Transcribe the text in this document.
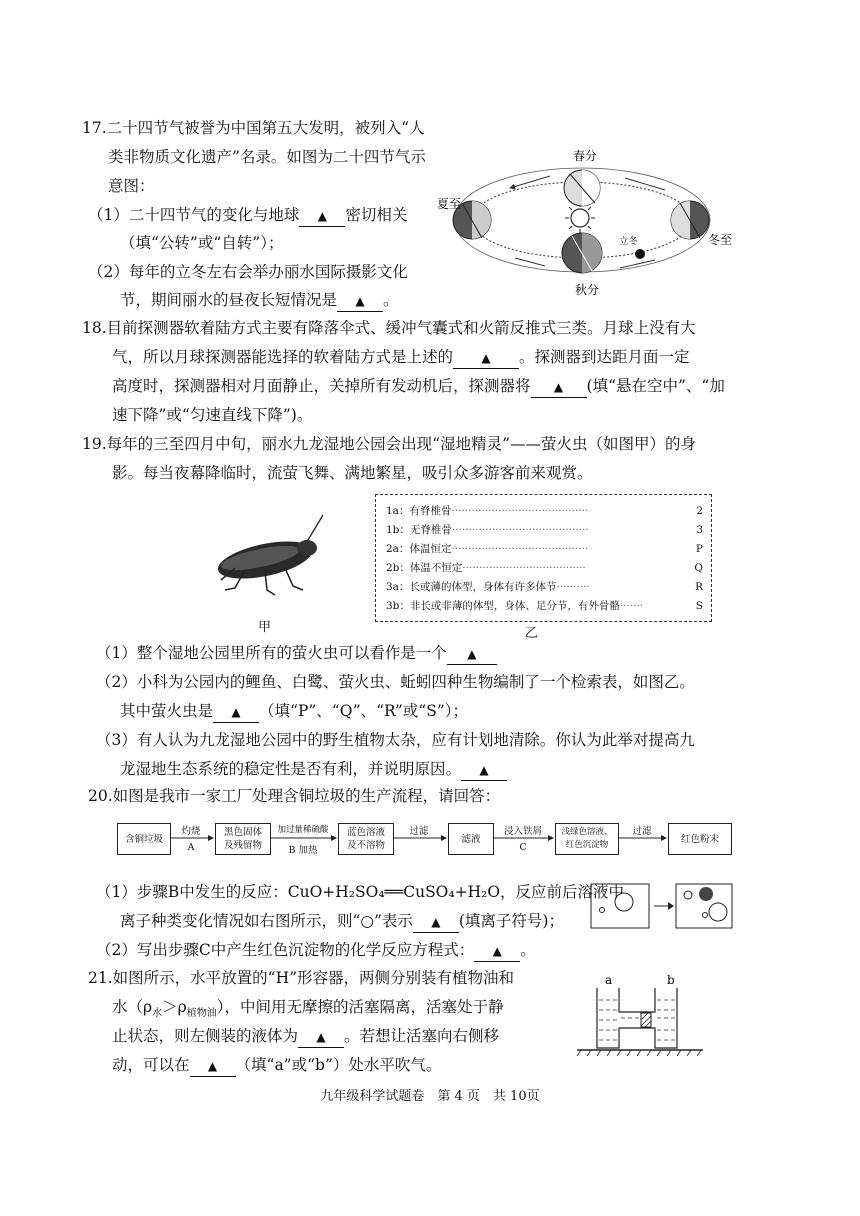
17.二十四节气被誉为中国第五大发明，被列入“人
类非物质文化遗产”名录。如图为二十四节气示
意图：
（1）二十四节气的变化与地球 ▲ 密切相关
（填“公转”或“自转”）；
（2）每年的立冬左右会举办丽水国际摄影文化
节，期间丽水的昼夜长短情况是 ▲ 。
春分
夏至
冬至
秋分
立冬
18.目前探测器软着陆方式主要有降落伞式、缓冲气囊式和火箭反推式三类。月球上没有大
气，所以月球探测器能选择的软着陆方式是上述的 ▲ 。探测器到达距月面一定
高度时，探测器相对月面静止，关掉所有发动机后，探测器将 ▲ (填“悬在空中”、“加
速下降”或“匀速直线下降”)。
19.每年的三至四月中旬，丽水九龙湿地公园会出现“湿地精灵”——萤火虫（如图甲）的身
影。每当夜幕降临时，流萤飞舞、满地繁星，吸引众多游客前来观赏。
甲
1a：有脊椎骨·········································	2
1b：无脊椎骨·········································	3
2a：体温恒定·········································	P
2b：体温不恒定·····································	Q
3a：长或薄的体型，身体有许多体节··········	R
3b：非长或非薄的体型，身体、足分节，有外骨骼·······	S
乙
（1）整个湿地公园里所有的萤火虫可以看作是一个 ▲
（2）小科为公园内的鲤鱼、白鹭、萤火虫、蚯蚓四种生物编制了一个检索表，如图乙。
其中萤火虫是 ▲ （填“P”、“Q”、“R”或“S”）；
（3）有人认为九龙湿地公园中的野生植物太杂，应有计划地清除。你认为此举对提高九
龙湿地生态系统的稳定性是否有利，并说明原因。 ▲
20.如图是我市一家工厂处理含铜垃圾的生产流程，请回答：
含铜垃圾
黑色固体
及残留物
蓝色溶液
及不溶物
滤液
浅绿色溶液、
红色沉淀物
红色粉末
灼烧
A
加过量稀硫酸
B 加热
过滤	浸入铁屑
C
过滤
（1）步骤B中发生的反应：CuO+H₂SO₄══CuSO₄+H₂O，反应前后溶液中
离子种类变化情况如右图所示，则“○”表示 ▲ (填离子符号)；
（2）写出步骤C中产生红色沉淀物的化学反应方程式： ▲ 。
21.如图所示，水平放置的“H”形容器，两侧分别装有植物油和
水$(\rho_水>\rho_{植物油})$，中间用无摩擦的活塞隔离，活塞处于静
止状态，则左侧装的液体为 ▲ 。若想让活塞向右侧移
动，可以在 ▲ （填“a”或“b”）处水平吹气。
a	b
九年级科学试题卷　第 4 页　共 10页
